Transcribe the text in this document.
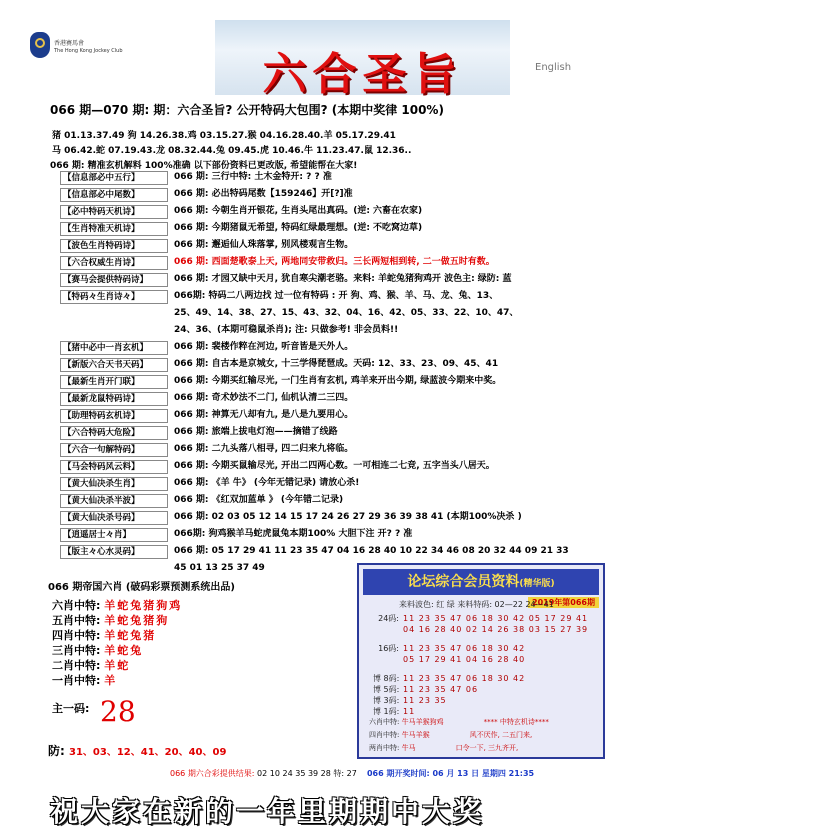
香港賽馬會
The Hong Kong Jockey Club	六合圣旨	English
066 期—070 期: 期：六合圣旨? 公开特码大包围? (本期中奖律 100%)
猪 01.13.37.49 狗 14.26.38.鸡 03.15.27.猴 04.16.28.40.羊 05.17.29.41
马 06.42.蛇 07.19.43.龙 08.32.44.兔 09.45.虎 10.46.牛 11.23.47.鼠 12.36..
066 期: 精准玄机解料 100%准确 以下部份资料已更改版, 希望能帮在大家!
【信息部必中五行】	066 期: 三行中特: 土木金特开: ? ? 准
【信息部必中尾数】	066 期: 必出特码尾数【159246】开[?]准
【必中特码天机诗】	066 期: 今朝生肖开银花, 生肖头尾出真码。(逆: 六畜在农家)
【生肖特准天机诗】	066 期: 今期猪鼠无希望, 特码红绿最理想。(逆: 不吃窝边草)
【波色生肖特码诗】	066 期: 邂逅仙人珠落掌, 别风楼观言生物。
【六合权威生肖诗】	066 期: 西面楚歌泰上天, 两地同安带救归。三长两短相到转, 二一做五时有数。
【赛马会提供特码诗】	066 期: 才园又缺中天月, 犹自寒尖潮老骆。来料: 羊蛇兔猪狗鸡开 波色主: 绿防: 蓝
【特码々生肖诗々】	066期: 特码二八两边找 过一位有特码 : 开 狗、鸡、猴、羊、马、龙、兔、13、
25、49、14、38、27、15、43、32、04、16、42、05、33、22、10、47、
24、36、(本期可稳鼠杀肖); 注: 只做参考! 非会员料!!
【猪中必中一肖玄机】	066 期: 裴楼作粹在河边, 听音皆是天外人。
【新版六合天书天码】	066 期: 自古本是京城女, 十三学得琵琶成。天码: 12、33、23、09、45、41
【最新生肖开门联】	066 期: 今期买红输尽光, 一门生肖有玄机, 鸡羊来开出今期, 绿蓝波今期来中奖。
【最新龙鼠特码诗】	066 期: 奇术妙法不二门, 仙机认清二三四。
【助理特码玄机诗】	066 期: 神算无八却有九, 是八是九要用心。
【六合特码大危险】	066 期: 旅端上拔电灯泡——摘错了线路
【六合一句解特码】	066 期: 二九头落八相寻, 四二归来九将临。
【马会特码风云料】	066 期: 今期买鼠输尽光, 开出二四两心数。一可相连二七竞, 五字当头八居天。
【黄大仙决杀生肖】	066 期: 《羊 牛》 (今年无错记录) 请放心杀!
【黄大仙决杀半波】	066 期: 《红双加蓝单 》 (今年错二记录)
【黄大仙决杀号码】	066 期: 02 03 05 12 14 15 17 24 26 27 29 36 39 38 41 (本期100%决杀 )
【逍遥居士々肖】	066期: 狗鸡猴羊马蛇虎鼠兔本期100% 大胆下注 开? ? 准
【版主々心水灵码】	066 期: 05 17 29 41 11 23 35 47 04 16 28 40 10 22 34 46 08 20 32 44 09 21 33
45 01 13 25 37 49
066 期帝国六肖 (破码彩票预测系统出品)
六肖中特: 羊蛇兔猪狗鸡
五肖中特: 羊蛇兔猪狗
四肖中特: 羊蛇兔猪
三肖中特: 羊蛇兔
二肖中特: 羊蛇
一肖中特: 羊
主一码: 28
防: 31、03、12、41、20、40、09
论坛综合会员资料(精华版)
2019年第066期
来料波色: 红 绿 来料特码: 02—22 24—41
24码: 11 23 35 47 06 18 30 42 05 17 29 41
04 16 28 40 02 14 26 38 03 15 27 39
16码: 11 23 35 47 06 18 30 42
05 17 29 41 04 16 28 40
博 8码: 11 23 35 47 06 18 30 42
博 5码: 11 23 35 47 06
博 3码: 11 23 35
博 1码: 11
六肖中特: 牛马羊猴狗鸡	**** 中特玄机诗****
四肖中特: 牛马羊猴	风不厌作, 二五门来,
两肖中特: 牛马	口令一下, 三九齐开,
066 期六合彩提供结果: 02 10 24 35 39 28 特: 27 066 期开奖时间: 06 月 13 日 星期四 21:35
祝大家在新的一年里期期中大奖
